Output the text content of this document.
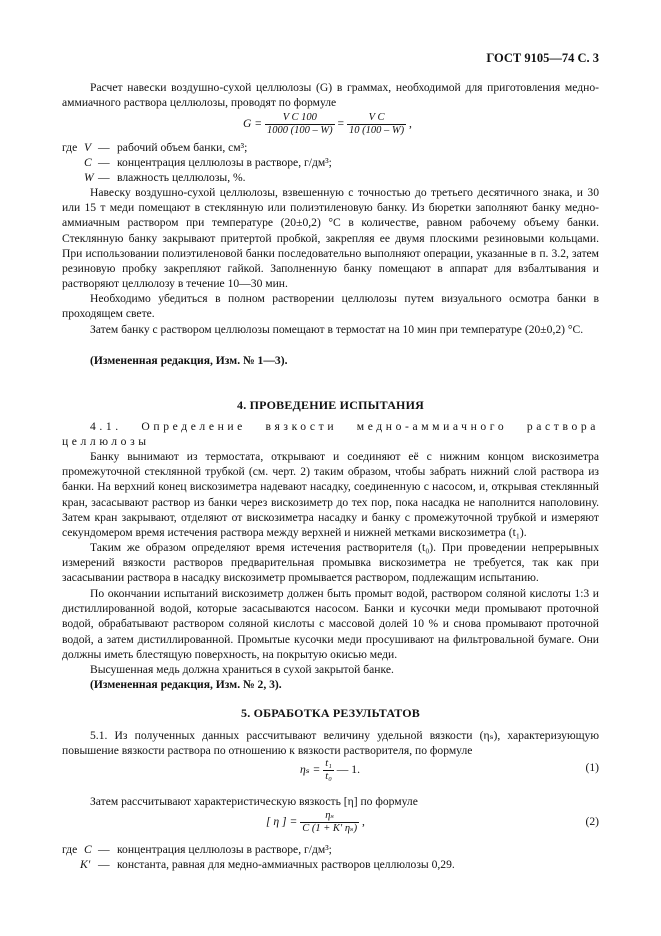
ГОСТ 9105—74 С. 3
Расчет навески воздушно-сухой целлюлозы (G) в граммах, необходимой для приготовления медно-аммиачного раствора целлюлозы, проводят по формуле
$G = \frac{\text{V C 100}}{1000 (100 - W)} = \frac{\text{V C}}{10 (100 - W)}$ ,
где V — рабочий объем банки, см³;
C — концентрация целлюлозы в растворе, г/дм³;
W — влажность целлюлозы, %.
Навеску воздушно-сухой целлюлозы, взвешенную с точностью до третьего десятичного знака, и 30 или 15 т меди помещают в стеклянную или полиэтиленовую банку. Из бюретки заполняют банку медно-аммиачным раствором при температуре (20±0,2) °С в количестве, равном рабочему объему банки. Стеклянную банку закрывают притертой пробкой, закрепляя ее двумя плоскими резиновыми кольцами. При использовании полиэтиленовой банки последовательно выполняют операции, указанные в п. 3.2, затем резиновую пробку закрепляют гайкой. Заполненную банку помещают в аппарат для взбалтывания и растворяют целлюлозу в течение 10—30 мин.
Необходимо убедиться в полном растворении целлюлозы путем визуального осмотра банки в проходящем свете.
Затем банку с раствором целлюлозы помещают в термостат на 10 мин при температуре (20±0,2) °С.
(Измененная редакция, Изм. № 1—3).
4. ПРОВЕДЕНИЕ ИСПЫТАНИЯ
4.1. Определение вязкости медно-аммиачного раствора
целлюлозы
Банку вынимают из термостата, открывают и соединяют её с нижним концом вискозиметра промежуточной стеклянной трубкой (см. черт. 2) таким образом, чтобы забрать нижний слой раствора из банки. На верхний конец вискозиметра надевают насадку, соединенную с насосом, и, открывая стеклянный кран, засасывают раствор из банки через вискозиметр до тех пор, пока насадка не наполнится наполовину. Затем кран закрывают, отделяют от вискозиметра насадку и банку с промежуточной трубкой и измеряют секундомером время истечения раствора между верхней и нижней метками вискозиметра (t₁).
Таким же образом определяют время истечения растворителя (t₀). При проведении непрерывных измерений вязкости растворов предварительная промывка вискозиметра не требуется, так как при засасывании раствора в насадку вискозиметр промывается раствором, подлежащим испытанию.
По окончании испытаний вискозиметр должен быть промыт водой, раствором соляной кислоты 1:3 и дистиллированной водой, которые засасываются насосом. Банки и кусочки меди промывают проточной водой, обрабатывают раствором соляной кислоты с массовой долей 10 % и снова промывают проточной водой, а затем дистиллированной. Промытые кусочки меди просушивают на фильтровальной бумаге. Они должны иметь блестящую поверхность, на покрытую окисью меди.
Высушенная медь должна храниться в сухой закрытой банке.
(Измененная редакция, Изм. № 2, 3).
5. ОБРАБОТКА РЕЗУЛЬТАТОВ
5.1. Из полученных данных рассчитывают величину удельной вязкости (ηₛ), характеризующую повышение вязкости раствора по отношению к вязкости растворителя, по формуле
$\eta_s = \frac{\text{t₁}}{\text{t₀}}$ — 1.	(1)
Затем рассчитывают характеристическую вязкость [η] по формуле
[ η ] = $\frac{\text{ηₛ}}{\text{C (1 + K′ ηₛ)}}$ ,	(2)
где C — концентрация целлюлозы в растворе, г/дм³;
K′ — константа, равная для медно-аммиачных растворов целлюлозы 0,29.
